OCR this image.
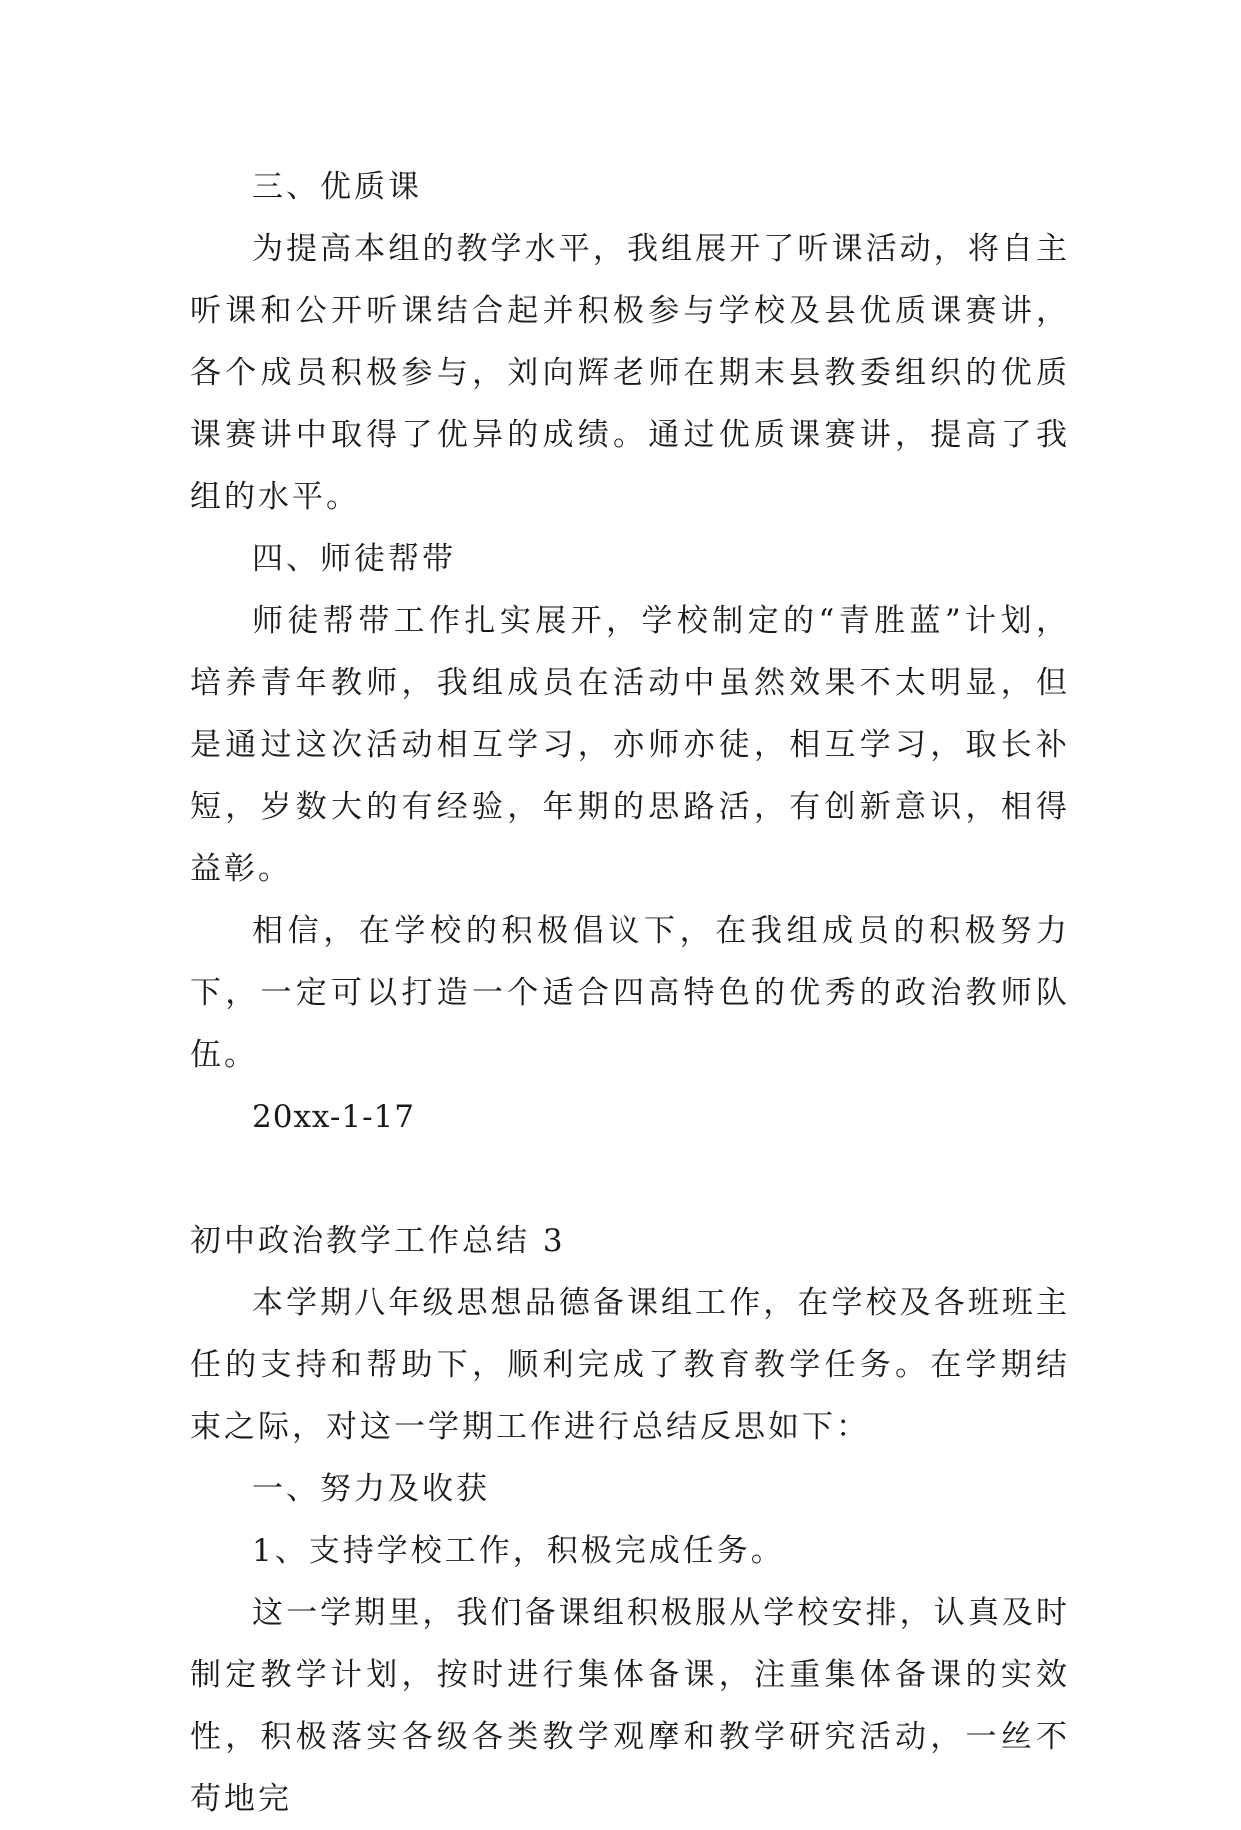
三、优质课

为提高本组的教学水平，我组展开了听课活动，将自主听课和公开听课结合起并积极参与学校及县优质课赛讲，各个成员积极参与，刘向辉老师在期末县教委组织的优质课赛讲中取得了优异的成绩。通过优质课赛讲，提高了我组的水平。

四、师徒帮带

师徒帮带工作扎实展开，学校制定的“青胜蓝”计划，培养青年教师，我组成员在活动中虽然效果不太明显，但是通过这次活动相互学习，亦师亦徒，相互学习，取长补短，岁数大的有经验，年期的思路活，有创新意识，相得益彰。

相信，在学校的积极倡议下，在我组成员的积极努力下，一定可以打造一个适合四高特色的优秀的政治教师队伍。

20xx-1-17

初中政治教学工作总结 3

本学期八年级思想品德备课组工作，在学校及各班班主任的支持和帮助下，顺利完成了教育教学任务。在学期结束之际，对这一学期工作进行总结反思如下：

一、努力及收获

1、支持学校工作，积极完成任务。

这一学期里，我们备课组积极服从学校安排，认真及时制定教学计划，按时进行集体备课，注重集体备课的实效性，积极落实各级各类教学观摩和教学研究活动，一丝不苟地完
